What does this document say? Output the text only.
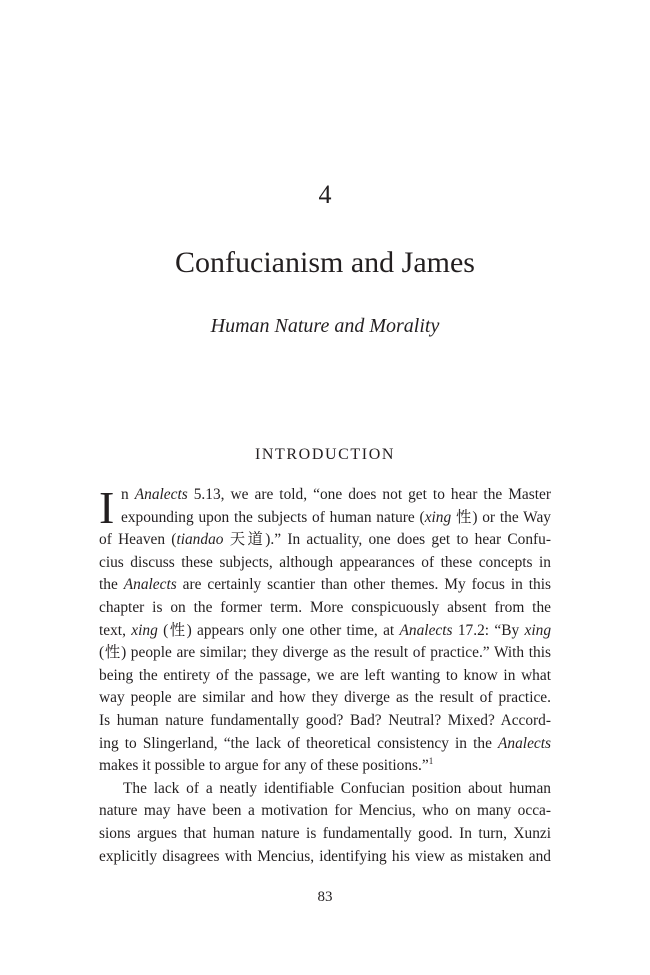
4
Confucianism and James
Human Nature and Morality
INTRODUCTION
I n Analects 5.13, we are told, “one does not get to hear the Master
expounding upon the subjects of human nature (xing 性) or the Way
of Heaven (tiandao 天道).” In actuality, one does get to hear Confu-
cius discuss these subjects, although appearances of these concepts in
the Analects are certainly scantier than other themes. My focus in this
chapter is on the former term. More conspicuously absent from the
text, xing (性) appears only one other time, at Analects 17.2: “By xing
(性) people are similar; they diverge as the result of practice.” With this
being the entirety of the passage, we are left wanting to know in what
way people are similar and how they diverge as the result of practice.
Is human nature fundamentally good? Bad? Neutral? Mixed? Accord-
ing to Slingerland, “the lack of theoretical consistency in the Analects
makes it possible to argue for any of these positions.”$^1$
The lack of a neatly identifiable Confucian position about human
nature may have been a motivation for Mencius, who on many occa-
sions argues that human nature is fundamentally good. In turn, Xunzi
explicitly disagrees with Mencius, identifying his view as mistaken and
83
